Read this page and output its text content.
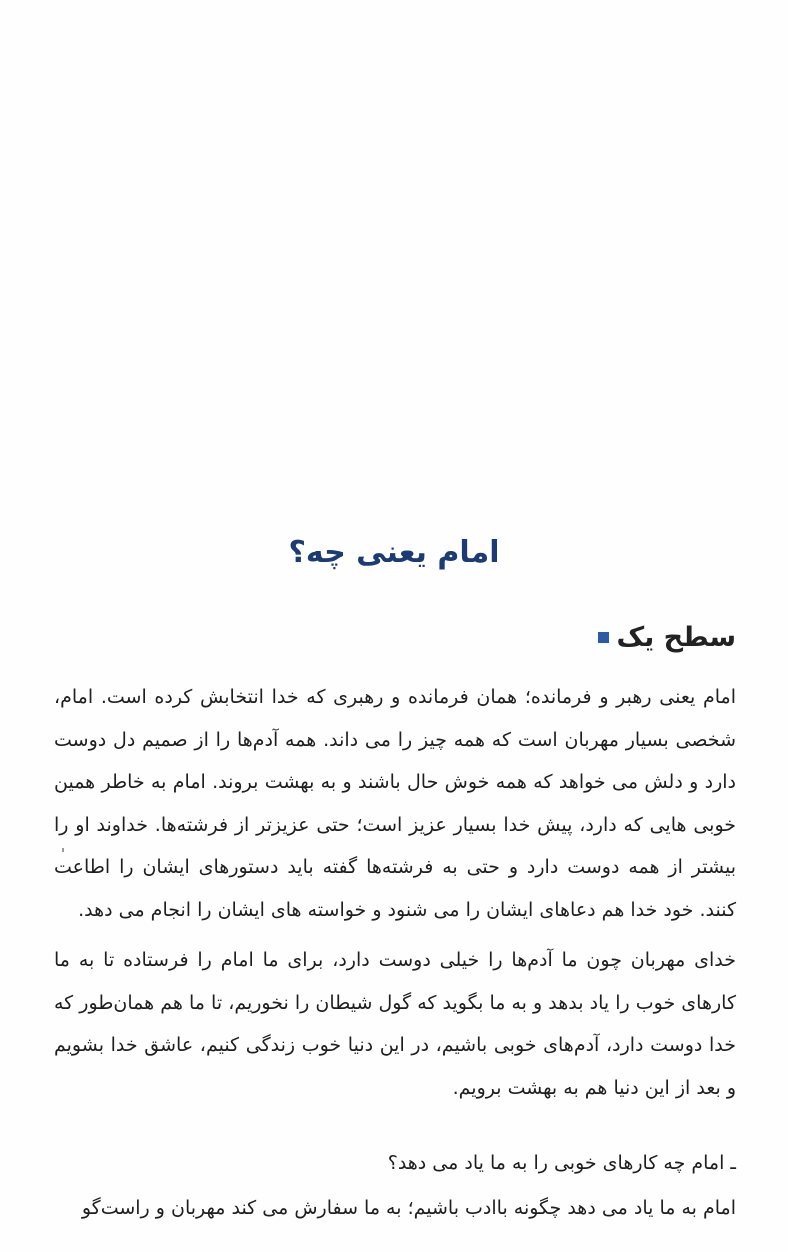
امام یعنی چه؟
سطح یک
امام یعنی رهبر و فرمانده؛ همان فرمانده و رهبری که خدا انتخابش کرده است. امام، شخصی بسیار مهربان است که همه چیز را می داند. همه آدم‌ها را از صمیم دل دوست دارد و دلش می خواهد که همه خوش حال باشند و به بهشت بروند. امام به خاطر همین خوبی هایی که دارد، پیش خدا بسیار عزیز است؛ حتی عزیزتر از فرشته‌ها. خداوند او را بیشتر از همه دوست دارد و حتی به فرشته‌ها گفته باید دستورهای ایشان را اطاعت کنند. خود خدا هم دعاهای ایشان را می شنود و خواسته های ایشان را انجام می دهد.
خدای مهربان چون ما آدم‌ها را خیلی دوست دارد، برای ما امام را فرستاده تا به ما کارهای خوب را یاد بدهد و به ما بگوید که گول شیطان را نخوریم، تا ما هم همان‌طور که خدا دوست دارد، آدم‌های خوبی باشیم، در این دنیا خوب زندگی کنیم، عاشق خدا بشویم و بعد از این دنیا هم به بهشت برویم.
ـ امام چه کارهای خوبی را به ما یاد می دهد؟
امام به ما یاد می دهد چگونه باادب باشیم؛ به ما سفارش می کند مهربان و راست‌گو
